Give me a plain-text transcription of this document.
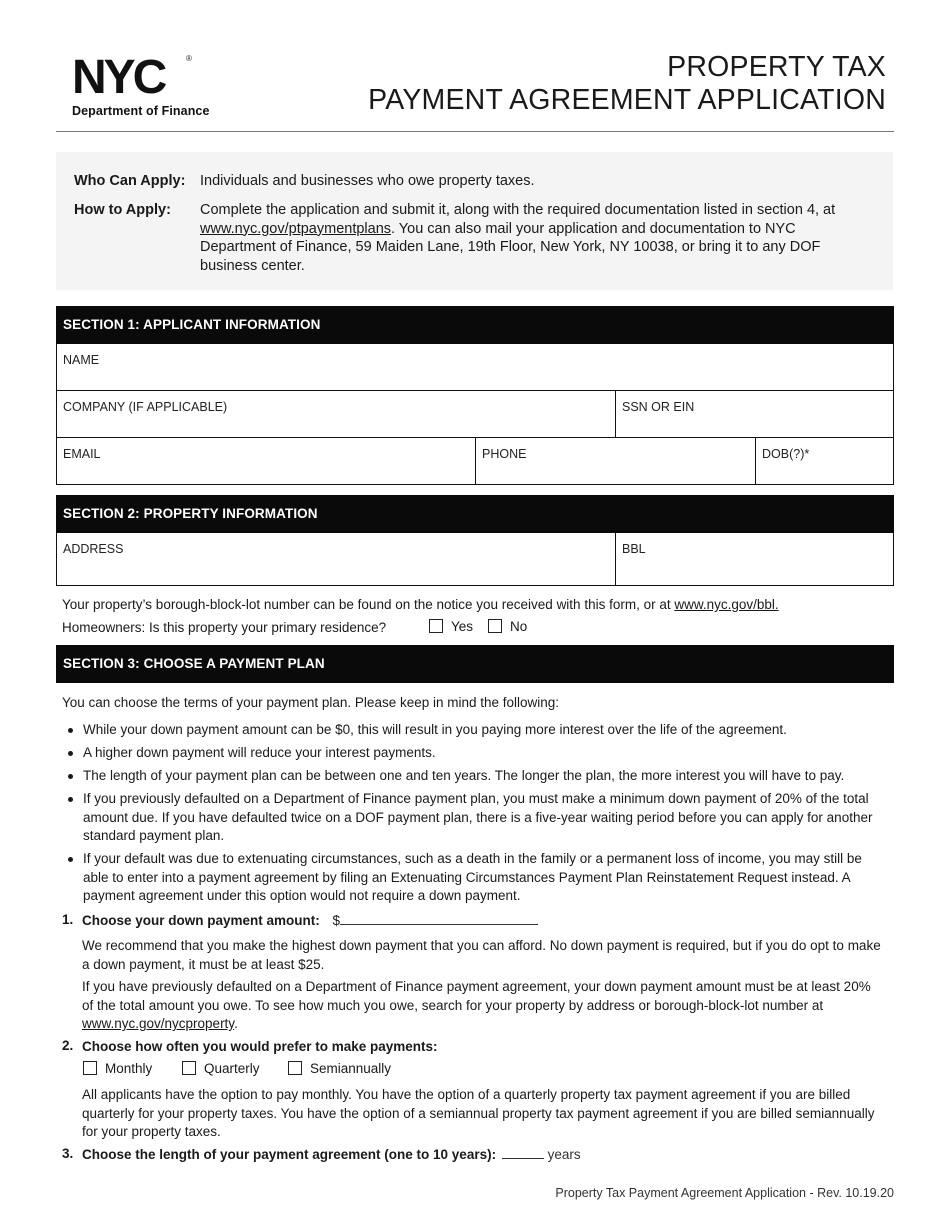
NYC
Department of Finance
®	PROPERTY TAX
PAYMENT AGREEMENT APPLICATION
Who Can Apply: Individuals and businesses who owe property taxes.
How to Apply: Complete the application and submit it, along with the required documentation listed in section 4, at www.nyc.gov/ptpaymentplans. You can also mail your application and documentation to NYC Department of Finance, 59 Maiden Lane, 19th Floor, New York, NY 10038, or bring it to any DOF business center.
SECTION 1: APPLICANT INFORMATION
NAME
COMPANY (IF APPLICABLE)	SSN OR EIN
EMAIL	PHONE	DOB(?)*
SECTION 2: PROPERTY INFORMATION
ADDRESS	BBL
Your property’s borough-block-lot number can be found on the notice you received with this form, or at www.nyc.gov/bbl.
Homeowners: Is this property your primary residence?	Yes	No
SECTION 3: CHOOSE A PAYMENT PLAN
You can choose the terms of your payment plan. Please keep in mind the following:
While your down payment amount can be $0, this will result in you paying more interest over the life of the agreement.
A higher down payment will reduce your interest payments.
The length of your payment plan can be between one and ten years. The longer the plan, the more interest you will have to pay.
If you previously defaulted on a Department of Finance payment plan, you must make a minimum down payment of 20% of the total amount due. If you have defaulted twice on a DOF payment plan, there is a five-year waiting period before you can apply for another standard payment plan.
If your default was due to extenuating circumstances, such as a death in the family or a permanent loss of income, you may still be able to enter into a payment agreement by filing an Extenuating Circumstances Payment Plan Reinstatement Request instead. A payment agreement under this option would not require a down payment.
1. Choose your down payment amount: $
We recommend that you make the highest down payment that you can afford. No down payment is required, but if you do opt to make a down payment, it must be at least $25.
If you have previously defaulted on a Department of Finance payment agreement, your down payment amount must be at least 20% of the total amount you owe. To see how much you owe, search for your property by address or borough-block-lot number at www.nyc.gov/nycproperty.
2. Choose how often you would prefer to make payments:
Monthly	Quarterly	Semiannually
All applicants have the option to pay monthly. You have the option of a quarterly property tax payment agreement if you are billed quarterly for your property taxes. You have the option of a semiannual property tax payment agreement if you are billed semiannually for your property taxes.
3. Choose the length of your payment agreement (one to 10 years):	years
Property Tax Payment Agreement Application - Rev. 10.19.20
